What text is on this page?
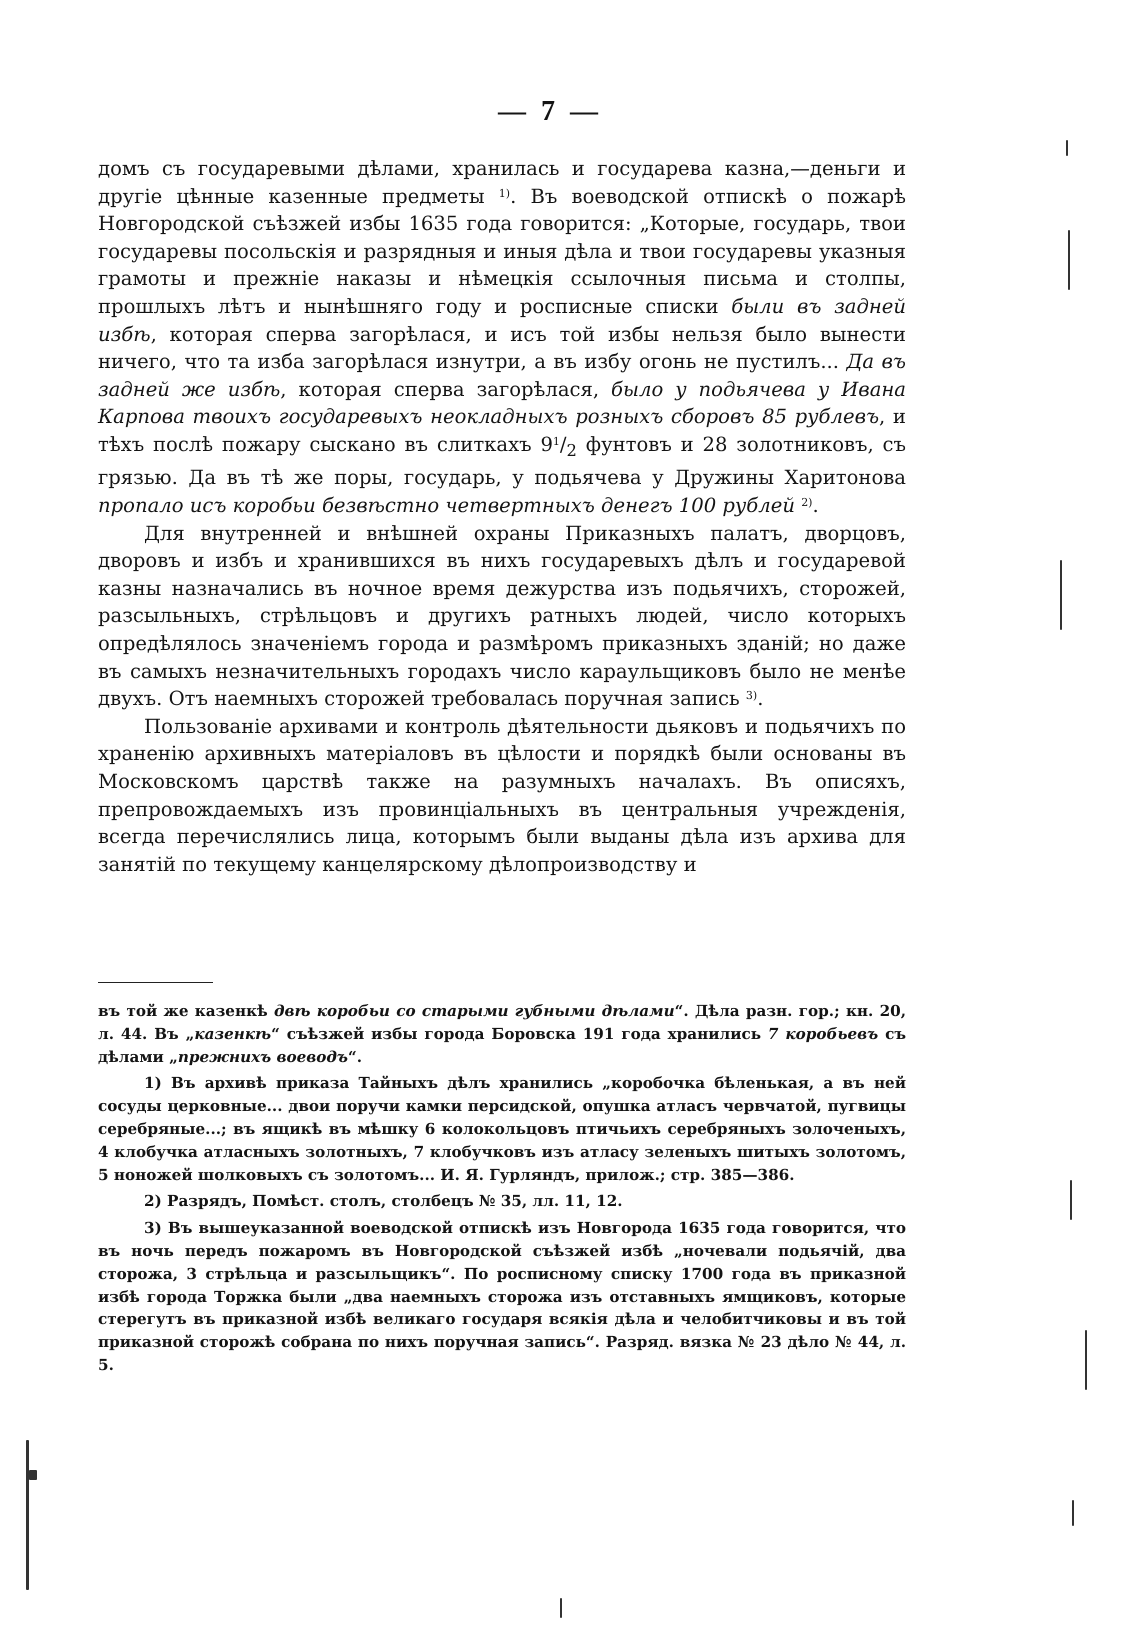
— 7 —

домъ съ государевыми дѣлами, хранилась и государева казна,—деньги и другіе цѣнные казенные предметы $^{1)}$. Въ воеводской отпискѣ о пожарѣ Новгородской съѣзжей избы 1635 года говорится: „Которые, государь, твои государевы посольскія и разрядныя и иныя дѣла и твои государевы указныя грамоты и прежніе наказы и нѣмецкія ссылочныя письма и столпы, прошлыхъ лѣтъ и нынѣшняго году и росписные списки были въ задней избѣ, которая сперва загорѣлася, и исъ той избы нельзя было вынести ничего, что та изба загорѣлася изнутри, а въ избу огонь не пустилъ... Да въ задней же избѣ, которая сперва загорѣлася, было у подьячева у Ивана Карпова твоихъ государевыхъ неокладныхъ розныхъ сборовъ 85 рублевъ, и тѣхъ послѣ пожару сыскано въ слиткахъ $9^1/_2$ фунтовъ и 28 золотниковъ, съ грязью. Да въ тѣ же поры, государь, у подьячева у Дружины Харитонова пропало исъ коробьи безвѣстно четвертныхъ денегъ 100 рублей $^{2)}$.

Для внутренней и внѣшней охраны Приказныхъ палатъ, дворцовъ, дворовъ и избъ и хранившихся въ нихъ государевыхъ дѣлъ и государевой казны назначались въ ночное время дежурства изъ подьячихъ, сторожей, разсыльныхъ, стрѣльцовъ и другихъ ратныхъ людей, число которыхъ опредѣлялось значеніемъ города и размѣромъ приказныхъ зданій; но даже въ самыхъ незначительныхъ городахъ число караульщиковъ было не менѣе двухъ. Отъ наемныхъ сторожей требовалась поручная запись $^{3)}$.

Пользованіе архивами и контроль дѣятельности дьяковъ и подьячихъ по храненію архивныхъ матеріаловъ въ цѣлости и порядкѣ были основаны въ Московскомъ царствѣ также на разумныхъ началахъ. Въ описяхъ, препровождаемыхъ изъ провинціальныхъ въ центральныя учрежденія, всегда перечислялись лица, которымъ были выданы дѣла изъ архива для занятій по текущему канцелярскому дѣлопроизводству и

въ той же казенкѣ двѣ коробьи со старыми губными дѣлами“. Дѣла разн. гор.; кн. 20, л. 44. Въ „казенкѣ“ съѣзжей избы города Боровска 191 года хранились 7 коробьевъ съ дѣлами „прежнихъ воеводъ“.

1) Въ архивѣ приказа Тайныхъ дѣлъ хранились „коробочка бѣленькая, а въ ней сосуды церковные... двои поручи камки персидской, опушка атласъ червчатой, пугвицы серебряные...; въ ящикѣ въ мѣшку 6 колокольцовъ птичьихъ серебряныхъ золоченыхъ, 4 клобучка атласныхъ золотныхъ, 7 клобучковъ изъ атласу зеленыхъ шитыхъ золотомъ, 5 ноножей шолковыхъ съ золотомъ... И. Я. Гурляндъ, прилож.; стр. 385—386.

2) Разрядъ, Помѣст. столъ, столбецъ № 35, лл. 11, 12.

3) Въ вышеуказанной воеводской отпискѣ изъ Новгорода 1635 года говорится, что въ ночь передъ пожаромъ въ Новгородской съѣзжей избѣ „ночевали подьячій, два сторожа, 3 стрѣльца и разсыльщикъ“. По росписному списку 1700 года въ приказной избѣ города Торжка были „два наемныхъ сторожа изъ отставныхъ ямщиковъ, которые стерегутъ въ приказной избѣ великаго государя всякія дѣла и челобитчиковы и въ той приказной сторожѣ собрана по нихъ поручная запись“. Разряд. вязка № 23 дѣло № 44, л. 5.
